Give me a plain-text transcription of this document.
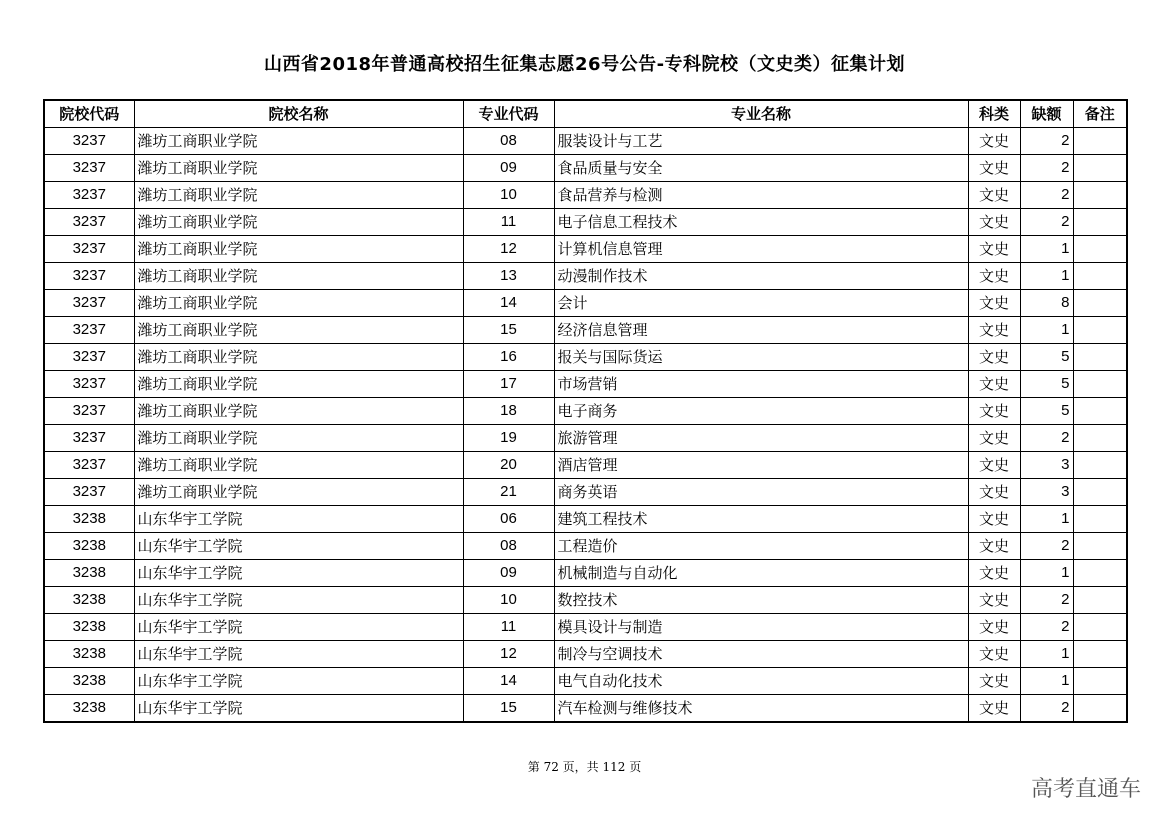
山西省2018年普通高校招生征集志愿26号公告-专科院校（文史类）征集计划
院校代码	院校名称	专业代码	专业名称	科类	缺额	备注
3237	潍坊工商职业学院	08	服装设计与工艺	文史	2	
3237	潍坊工商职业学院	09	食品质量与安全	文史	2	
3237	潍坊工商职业学院	10	食品营养与检测	文史	2	
3237	潍坊工商职业学院	11	电子信息工程技术	文史	2	
3237	潍坊工商职业学院	12	计算机信息管理	文史	1	
3237	潍坊工商职业学院	13	动漫制作技术	文史	1	
3237	潍坊工商职业学院	14	会计	文史	8	
3237	潍坊工商职业学院	15	经济信息管理	文史	1	
3237	潍坊工商职业学院	16	报关与国际货运	文史	5	
3237	潍坊工商职业学院	17	市场营销	文史	5	
3237	潍坊工商职业学院	18	电子商务	文史	5	
3237	潍坊工商职业学院	19	旅游管理	文史	2	
3237	潍坊工商职业学院	20	酒店管理	文史	3	
3237	潍坊工商职业学院	21	商务英语	文史	3	
3238	山东华宇工学院	06	建筑工程技术	文史	1	
3238	山东华宇工学院	08	工程造价	文史	2	
3238	山东华宇工学院	09	机械制造与自动化	文史	1	
3238	山东华宇工学院	10	数控技术	文史	2	
3238	山东华宇工学院	11	模具设计与制造	文史	2	
3238	山东华宇工学院	12	制冷与空调技术	文史	1	
3238	山东华宇工学院	14	电气自动化技术	文史	1	
3238	山东华宇工学院	15	汽车检测与维修技术	文史	2	
第 72 页，共 112 页
高考直通车
